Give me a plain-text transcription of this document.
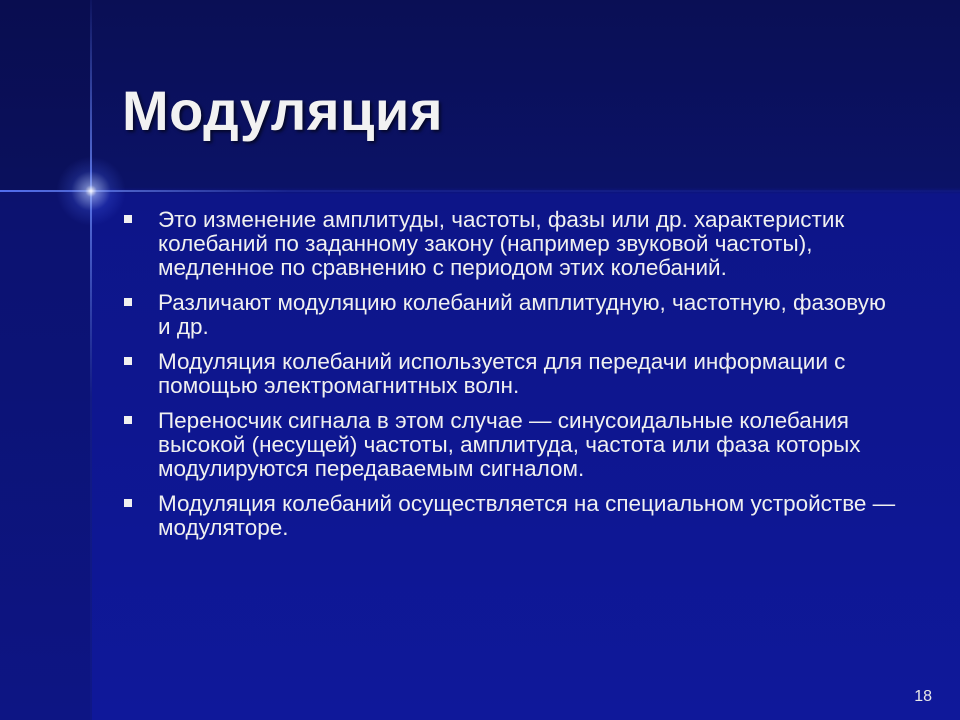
Модуляция
Это изменение амплитуды, частоты, фазы или др. характеристик колебаний по заданному закону (например звуковой частоты), медленное по сравнению с периодом этих колебаний.
Различают модуляцию колебаний амплитудную, частотную, фазовую и др.
Модуляция колебаний используется для передачи информации с помощью электромагнитных волн.
Переносчик сигнала в этом случае — синусоидальные колебания высокой (несущей) частоты, амплитуда, частота или фаза которых модулируются передаваемым сигналом.
Модуляция колебаний осуществляется на специальном устройстве — модуляторе.
18
